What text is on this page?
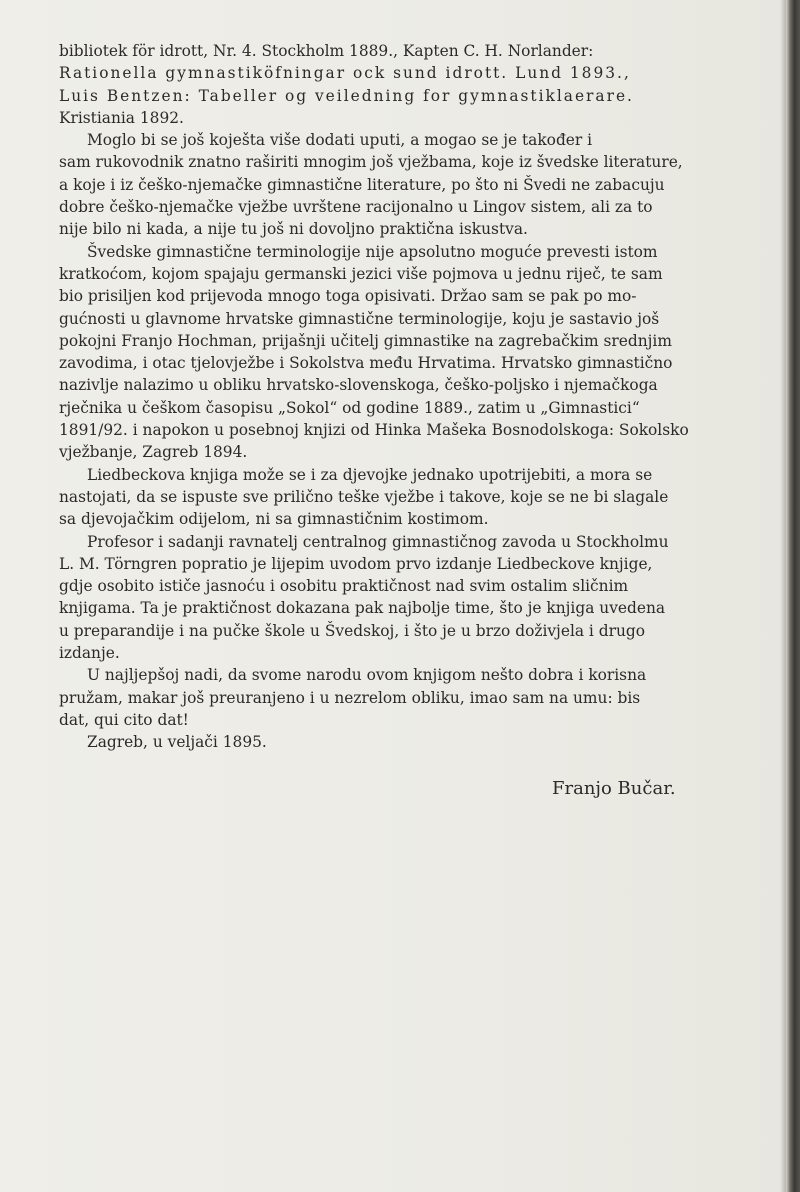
bibliotek för idrott, Nr. 4. Stockholm 1889., Kapten C. H. Norlander:
Rationella gymnastiköfningar ock sund idrott. Lund 1893.,
Luis Bentzen: Tabeller og veiledning for gymnastiklaerare.
Kristiania 1892.
Moglo bi se još koješta više dodati uputi, a mogao se je također i
sam rukovodnik znatno raširiti mnogim još vježbama, koje iz švedske literature,
a koje i iz češko-njemačke gimnastične literature, po što ni Švedi ne zabacuju
dobre češko-njemačke vježbe uvrštene racijonalno u Lingov sistem, ali za to
nije bilo ni kada, a nije tu još ni dovoljno praktična iskustva.
Švedske gimnastične terminologije nije apsolutno moguće prevesti istom
kratkoćom, kojom spajaju germanski jezici više pojmova u jednu riječ, te sam
bio prisiljen kod prijevoda mnogo toga opisivati. Držao sam se pak po mo-
gućnosti u glavnome hrvatske gimnastične terminologije, koju je sastavio još
pokojni Franjo Hochman, prijašnji učitelj gimnastike na zagrebačkim srednjim
zavodima, i otac tjelovježbe i Sokolstva među Hrvatima. Hrvatsko gimnastično
nazivlje nalazimo u obliku hrvatsko-slovenskoga, češko-poljsko i njemačkoga
rječnika u češkom časopisu „Sokol“ od godine 1889., zatim u „Gimnastici“
1891/92. i napokon u posebnoj knjizi od Hinka Mašeka Bosnodolskoga: Sokolsko
vježbanje, Zagreb 1894.
Liedbeckova knjiga može se i za djevojke jednako upotrijebiti, a mora se
nastojati, da se ispuste sve prilično teške vježbe i takove, koje se ne bi slagale
sa djevojačkim odijelom, ni sa gimnastičnim kostimom.
Profesor i sadanji ravnatelj centralnog gimnastičnog zavoda u Stockholmu
L. M. Törngren popratio je lijepim uvodom prvo izdanje Liedbeckove knjige,
gdje osobito ističe jasnoću i osobitu praktičnost nad svim ostalim sličnim
knjigama. Ta je praktičnost dokazana pak najbolje time, što je knjiga uvedena
u preparandije i na pučke škole u Švedskoj, i što je u brzo doživjela i drugo
izdanje.
U najljepšoj nadi, da svome narodu ovom knjigom nešto dobra i korisna
pružam, makar još preuranjeno i u nezrelom obliku, imao sam na umu: bis
dat, qui cito dat!
Zagreb, u veljači 1895.
Franjo Bučar.
